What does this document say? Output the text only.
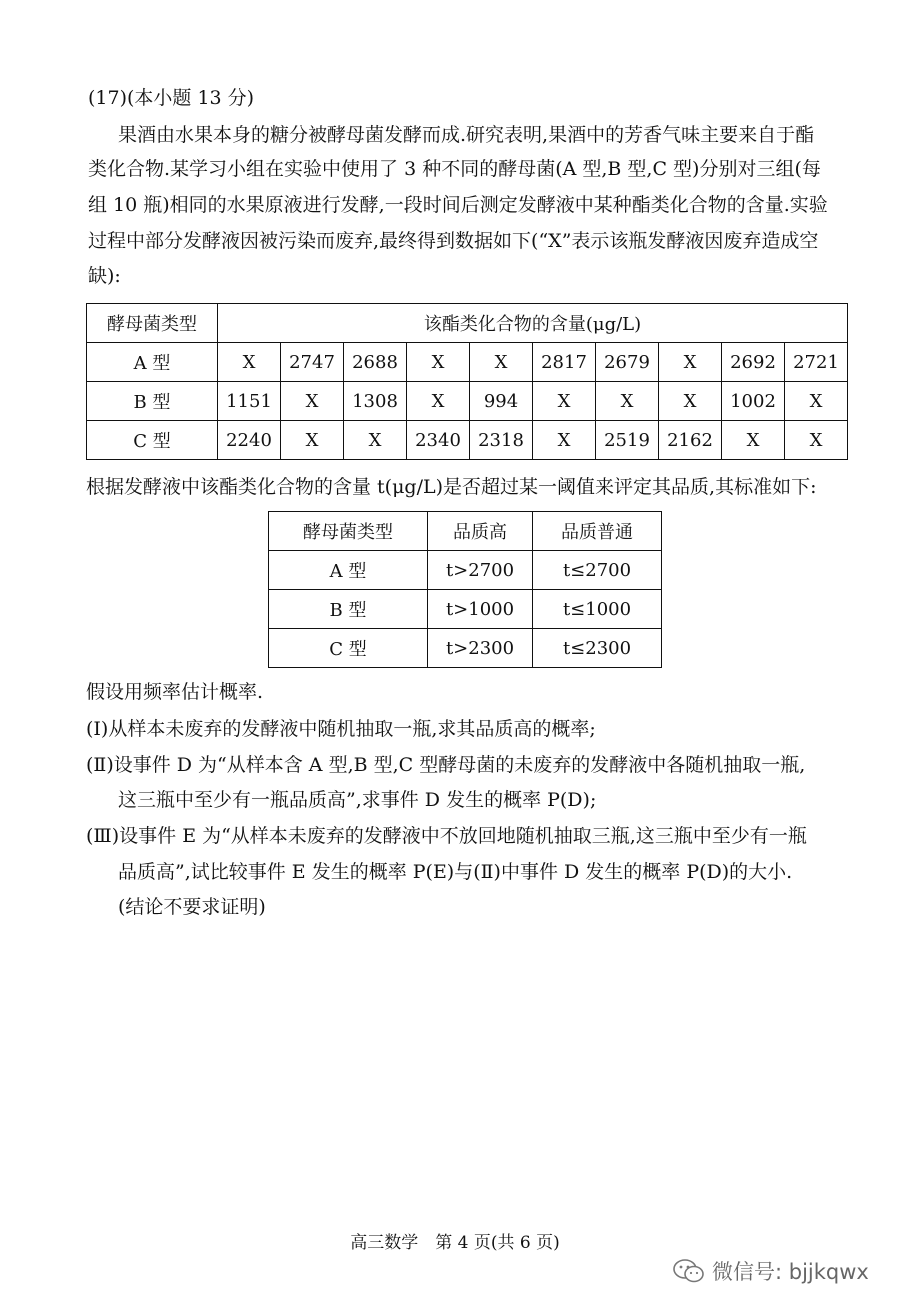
(17)(本小题 13 分)
果酒由水果本身的糖分被酵母菌发酵而成.研究表明,果酒中的芳香气味主要来自于酯
类化合物.某学习小组在实验中使用了 3 种不同的酵母菌(A 型,B 型,C 型)分别对三组(每
组 10 瓶)相同的水果原液进行发酵,一段时间后测定发酵液中某种酯类化合物的含量.实验
过程中部分发酵液因被污染而废弃,最终得到数据如下(“X”表示该瓶发酵液因废弃造成空
缺):
酵母菌类型	该酯类化合物的含量(μg/L)									
A 型	X	2747	2688	X	X	2817	2679	X	2692	2721
B 型	1151	X	1308	X	994	X	X	X	1002	X
C 型	2240	X	X	2340	2318	X	2519	2162	X	X
根据发酵液中该酯类化合物的含量 t(μg/L)是否超过某一阈值来评定其品质,其标准如下:
酵母菌类型	品质高	品质普通
A 型	t>2700	t≤2700
B 型	t>1000	t≤1000
C 型	t>2300	t≤2300
假设用频率估计概率.
(Ⅰ)从样本未废弃的发酵液中随机抽取一瓶,求其品质高的概率;
(Ⅱ)设事件 D 为“从样本含 A 型,B 型,C 型酵母菌的未废弃的发酵液中各随机抽取一瓶,
这三瓶中至少有一瓶品质高”,求事件 D 发生的概率 P(D);
(Ⅲ)设事件 E 为“从样本未废弃的发酵液中不放回地随机抽取三瓶,这三瓶中至少有一瓶
品质高”,试比较事件 E 发生的概率 P(E)与(Ⅱ)中事件 D 发生的概率 P(D)的大小.
(结论不要求证明)
高三数学　第 4 页(共 6 页)
微信号: bjjkqwx
